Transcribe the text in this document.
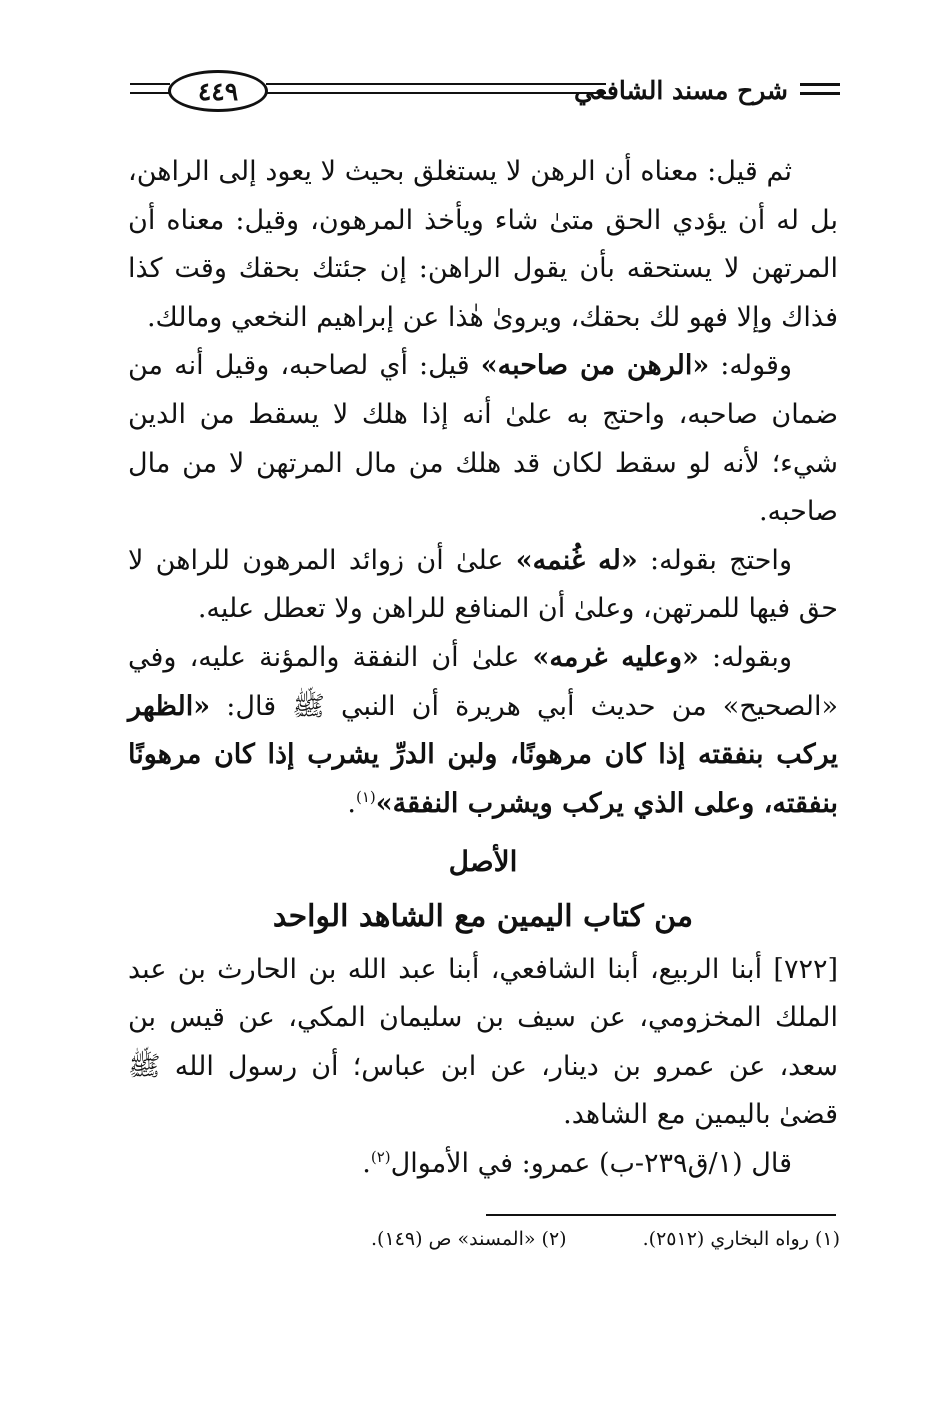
٤٤٩	شرح مسند الشافعي

ثم قيل: معناه أن الرهن لا يستغلق بحيث لا يعود إلى الراهن، بل له أن يؤدي الحق متىٰ شاء ويأخذ المرهون، وقيل: معناه أن المرتهن لا يستحقه بأن يقول الراهن: إن جئتك بحقك وقت كذا فذاك وإلا فهو لك بحقك، ويروىٰ هٰذا عن إبراهيم النخعي ومالك.

وقوله: «الرهن من صاحبه» قيل: أي لصاحبه، وقيل أنه من ضمان صاحبه، واحتج به علىٰ أنه إذا هلك لا يسقط من الدين شيء؛ لأنه لو سقط لكان قد هلك من مال المرتهن لا من مال صاحبه.

واحتج بقوله: «له غُنمه» علىٰ أن زوائد المرهون للراهن لا حق فيها للمرتهن، وعلىٰ أن المنافع للراهن ولا تعطل عليه.

وبقوله: «وعليه غرمه» علىٰ أن النفقة والمؤنة عليه، وفي «الصحيح» من حديث أبي هريرة أن النبي ﷺ قال: «الظهر يركب بنفقته إذا كان مرهونًا، ولبن الدرِّ يشرب إذا كان مرهونًا بنفقته، وعلى الذي يركب ويشرب النفقة»$^{(١)}$.

الأصل

من كتاب اليمين مع الشاهد الواحد

[٧٢٢] أبنا الربيع، أبنا الشافعي، أبنا عبد الله بن الحارث بن عبد الملك المخزومي، عن سيف بن سليمان المكي، عن قيس بن سعد، عن عمرو بن دينار، عن ابن عباس؛ أن رسول الله ﷺ قضىٰ باليمين مع الشاهد.

قال (١/ق٢٣٩-ب) عمرو: في الأموال$^{(٢)}$.

(١) رواه البخاري (٢٥١٢). (٢) «المسند» ص (١٤٩).
